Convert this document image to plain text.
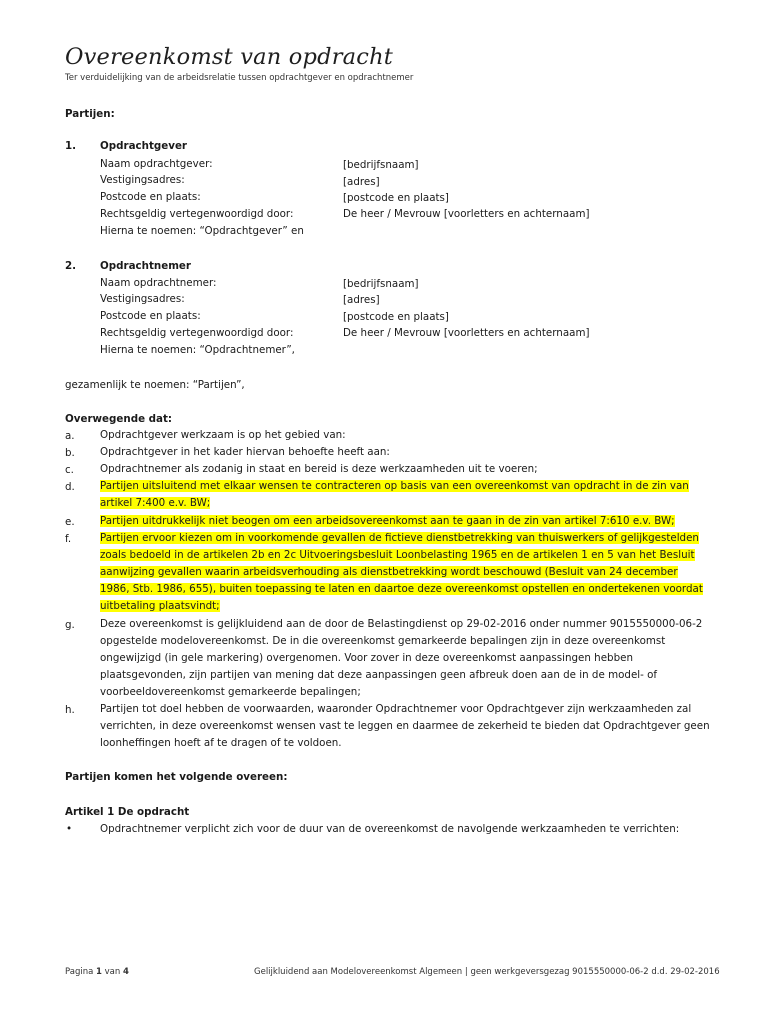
Overeenkomst van opdracht
Ter verduidelijking van de arbeidsrelatie tussen opdrachtgever en opdrachtnemer
Partijen:
1. Opdrachtgever
Naam opdrachtgever:	[bedrijfsnaam]
Vestigingsadres:	[adres]
Postcode en plaats:	[postcode en plaats]
Rechtsgeldig vertegenwoordigd door:	De heer / Mevrouw [voorletters en achternaam]
Hierna te noemen: “Opdrachtgever” en
2. Opdrachtnemer
Naam opdrachtnemer:	[bedrijfsnaam]
Vestigingsadres:	[adres]
Postcode en plaats:	[postcode en plaats]
Rechtsgeldig vertegenwoordigd door:	De heer / Mevrouw [voorletters en achternaam]
Hierna te noemen: “Opdrachtnemer”,
gezamenlijk te noemen: “Partijen”,
Overwegende dat:
a. Opdrachtgever werkzaam is op het gebied van:
b. Opdrachtgever in het kader hiervan behoefte heeft aan:
c.	Opdrachtnemer als zodanig in staat en bereid is deze werkzaamheden uit te voeren;
d. Partijen uitsluitend met elkaar wensen te contracteren op basis van een overeenkomst van opdracht in de zin van artikel 7:400 e.v. BW;
e. Partijen uitdrukkelijk niet beogen om een arbeidsovereenkomst aan te gaan in de zin van artikel 7:610 e.v. BW;
f.	Partijen ervoor kiezen om in voorkomende gevallen de fictieve dienstbetrekking van thuiswerkers of gelijkgestelden zoals bedoeld in de artikelen 2b en 2c Uitvoeringsbesluit Loonbelasting 1965 en de artikelen 1 en 5 van het Besluit aanwijzing gevallen waarin arbeidsverhouding als dienstbetrekking wordt beschouwd (Besluit van 24 december 1986, Stb. 1986, 655), buiten toepassing te laten en daartoe deze overeenkomst opstellen en ondertekenen voordat uitbetaling plaatsvindt;
g. Deze overeenkomst is gelijkluidend aan de door de Belastingdienst op 29-02-2016 onder nummer 9015550000-06-2 opgestelde modelovereenkomst. De in die overeenkomst gemarkeerde bepalingen zijn in deze overeenkomst ongewijzigd (in gele markering) overgenomen. Voor zover in deze overeenkomst aanpassingen hebben plaatsgevonden, zijn partijen van mening dat deze aanpassingen geen afbreuk doen aan de in de model- of voorbeeldovereenkomst gemarkeerde bepalingen;
h. Partijen tot doel hebben de voorwaarden, waaronder Opdrachtnemer voor Opdrachtgever zijn werkzaamheden zal verrichten, in deze overeenkomst wensen vast te leggen en daarmee de zekerheid te bieden dat Opdrachtgever geen loonheffingen hoeft af te dragen of te voldoen.
Partijen komen het volgende overeen:
Artikel 1 De opdracht
•	Opdrachtnemer verplicht zich voor de duur van de overeenkomst de navolgende werkzaamheden te verrichten:
Pagina 1 van 4	Gelijkluidend aan Modelovereenkomst Algemeen | geen werkgeversgezag 9015550000-06-2 d.d. 29-02-2016
